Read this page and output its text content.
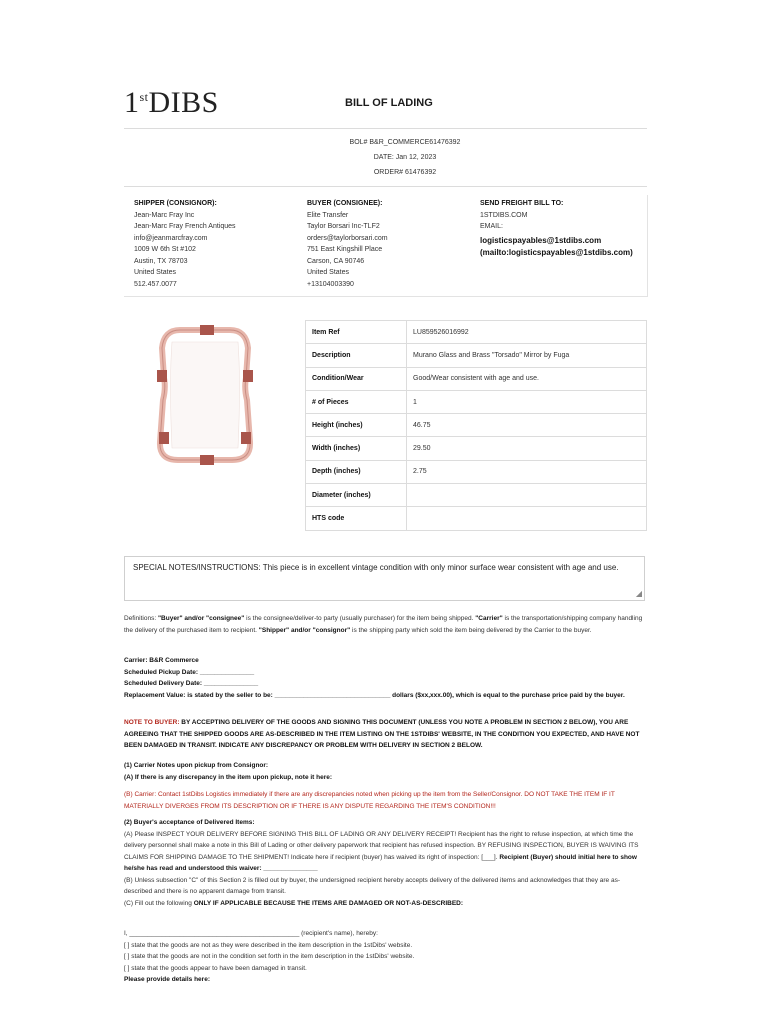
1stDIBS	BILL OF LADING
BOL# B&R_COMMERCE61476392
DATE: Jan 12, 2023
ORDER# 61476392
SHIPPER (CONSIGNOR):
Jean-Marc Fray Inc
Jean-Marc Fray French Antiques
info@jeanmarcfray.com
1009 W 6th St #102
Austin, TX 78703
United States
512.457.0077
BUYER (CONSIGNEE):
Elite Transfer
Taylor Borsari Inc-TLF2
orders@taylorborsari.com
751 East Kingshill Place
Carson, CA 90746
United States
+13104003390
SEND FREIGHT BILL TO:
1STDIBS.COM
EMAIL:
logisticspayables@1stdibs.com
(mailto:logisticspayables@1stdibs.com)
Item Ref	LU859526016992
Description	Murano Glass and Brass "Torsado" Mirror by Fuga
Condition/Wear	Good/Wear consistent with age and use.
# of Pieces	1
Height (inches)	46.75
Width (inches)	29.50
Depth (inches)	2.75
Diameter (inches)	
HTS code	
SPECIAL NOTES/INSTRUCTIONS: This piece is in excellent vintage condition with only minor surface wear consistent with age and use.
◢
Definitions: "Buyer" and/or "consignee" is the consignee/deliver-to party (usually purchaser) for the item being shipped. "Carrier" is the transportation/shipping company handling the delivery of the purchased item to recipient. "Shipper" and/or "consignor" is the shipping party which sold the item being delivered by the Carrier to the buyer.

Carrier: B&R Commerce

Scheduled Pickup Date: _______________

Scheduled Delivery Date: _______________

Replacement Value: is stated by the seller to be: ________________________________ dollars ($xx,xxx.00), which is equal to the purchase price paid by the buyer.

NOTE TO BUYER: BY ACCEPTING DELIVERY OF THE GOODS AND SIGNING THIS DOCUMENT (UNLESS YOU NOTE A PROBLEM IN SECTION 2 BELOW), YOU ARE AGREEING THAT THE SHIPPED GOODS ARE AS-DESCRIBED IN THE ITEM LISTING ON THE 1STDIBS' WEBSITE, IN THE CONDITION YOU EXPECTED, AND HAVE NOT BEEN DAMAGED IN TRANSIT. INDICATE ANY DISCREPANCY OR PROBLEM WITH DELIVERY IN SECTION 2 BELOW.

(1) Carrier Notes upon pickup from Consignor:

(A) If there is any discrepancy in the item upon pickup, note it here:

(B) Carrier: Contact 1stDibs Logistics immediately if there are any discrepancies noted when picking up the item from the Seller/Consignor. DO NOT TAKE THE ITEM IF IT MATERIALLY DIVERGES FROM ITS DESCRIPTION OR IF THERE IS ANY DISPUTE REGARDING THE ITEM'S CONDITION!!!

(2) Buyer's acceptance of Delivered Items:

(A) Please INSPECT YOUR DELIVERY BEFORE SIGNING THIS BILL OF LADING OR ANY DELIVERY RECEIPT! Recipient has the right to refuse inspection, at which time the delivery personnel shall make a note in this Bill of Lading or other delivery paperwork that recipient has refused inspection. BY REFUSING INSPECTION, BUYER IS WAIVING ITS CLAIMS FOR SHIPPING DAMAGE TO THE SHIPMENT! Indicate here if recipient (buyer) has waived its right of inspection: [___]. Recipient (Buyer) should initial here to show he/she has read and understood this waiver: _______________

(B) Unless subsection "C" of this Section 2 is filled out by buyer, the undersigned recipient hereby accepts delivery of the delivered items and acknowledges that they are as-described and there is no apparent damage from transit.

(C) Fill out the following ONLY IF APPLICABLE BECAUSE THE ITEMS ARE DAMAGED OR NOT-AS-DESCRIBED:

I, _______________________________________________ (recipient's name), hereby:

[ ] state that the goods are not as they were described in the item description in the 1stDibs' website.

[ ] state that the goods are not in the condition set forth in the item description in the 1stDibs' website.

[ ] state that the goods appear to have been damaged in transit.

Please provide details here:
